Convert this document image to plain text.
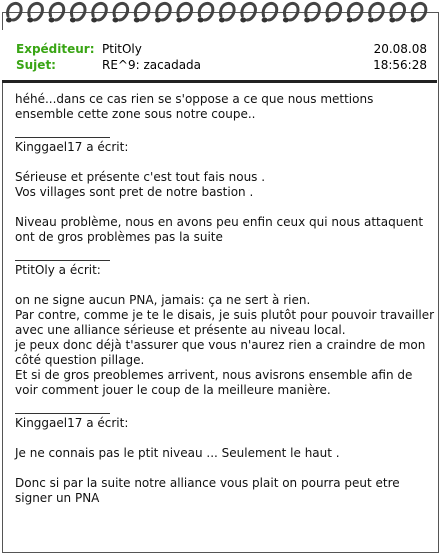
Expéditeur: PtitOly	20.08.08
Sujet:	RE^9: zacadada	18:56:28

héhé...dans ce cas rien se s'oppose a ce que nous mettions ensemble cette zone sous notre coupe..

Kinggael17 a écrit:

Sérieuse et présente c'est tout fais nous .
Vos villages sont pret de notre bastion .

Niveau problème, nous en avons peu enfin ceux qui nous attaquent ont de gros problèmes pas la suite

PtitOly a écrit:

on ne signe aucun PNA, jamais: ça ne sert à rien.
Par contre, comme je te le disais, je suis plutôt pour pouvoir travailler avec une alliance sérieuse et présente au niveau local.
je peux donc déjà t'assurer que vous n'aurez rien a craindre de mon côté question pillage.
Et si de gros preoblemes arrivent, nous avisrons ensemble afin de voir comment jouer le coup de la meilleure manière.

Kinggael17 a écrit:

Je ne connais pas le ptit niveau ... Seulement le haut .

Donc si par la suite notre alliance vous plait on pourra peut etre signer un PNA
